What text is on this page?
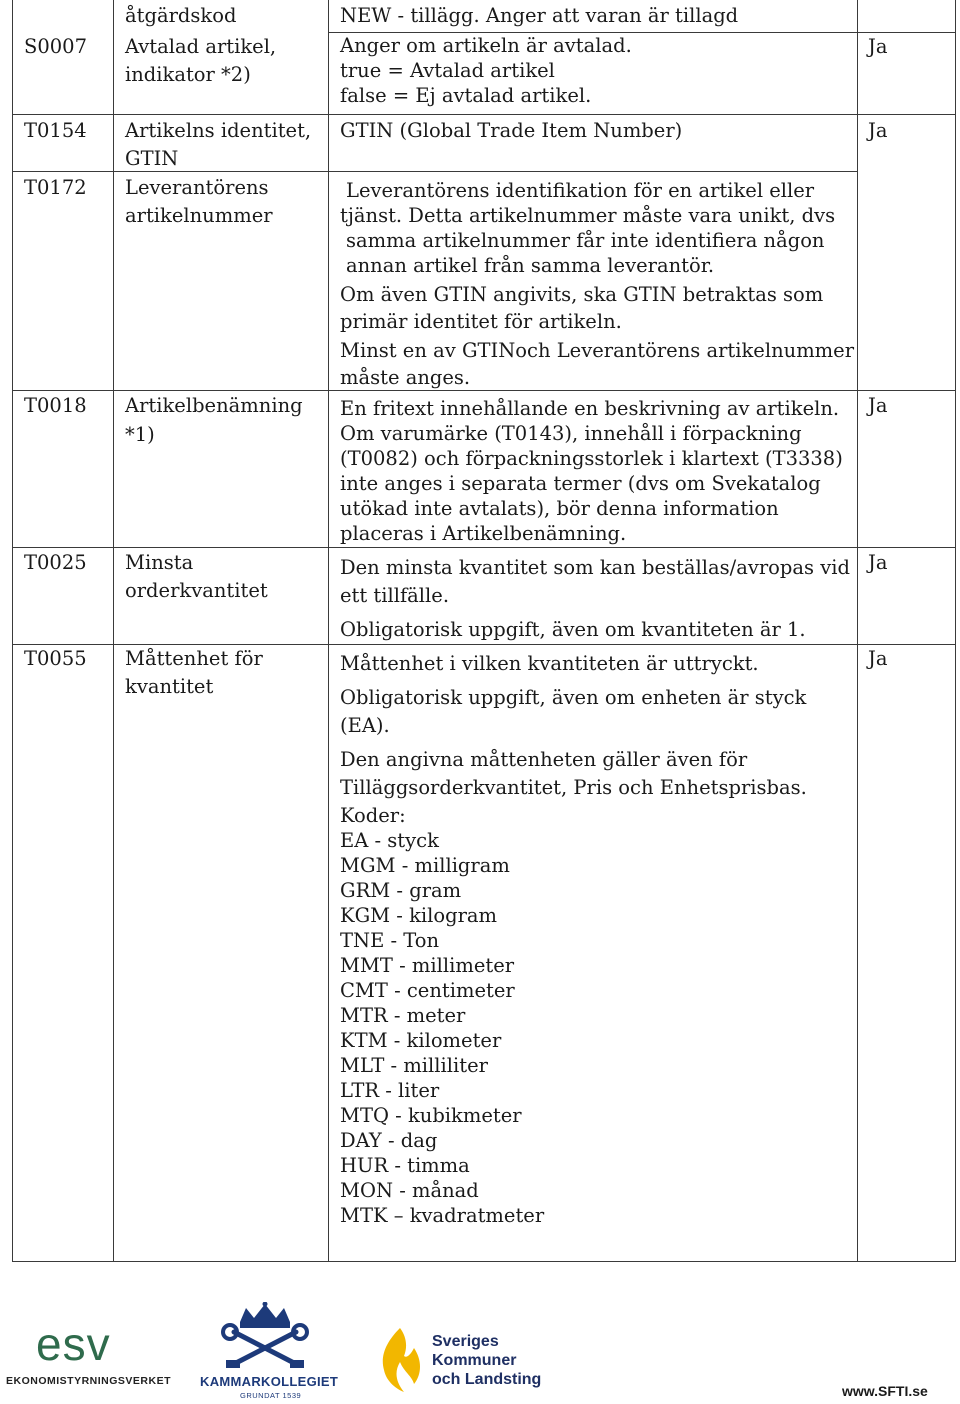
åtgärdskod	NEW - tillägg. Anger att varan är tillagd
S0007 Avtalad artikel,
indikator *2)
Anger om artikeln är avtalad.
true = Avtalad artikel
false = Ej avtalad artikel.
Ja
T0154 Artikelns identitet,
GTIN
GTIN (Global Trade Item Number)	Ja
T0172 Leverantörens
artikelnummer
Leverantörens identifikation för en artikel eller
tjänst. Detta artikelnummer måste vara unikt, dvs
samma artikelnummer får inte identifiera någon
annan artikel från samma leverantör.
Om även GTIN angivits, ska GTIN betraktas som
primär identitet för artikeln.
Minst en av GTINoch Leverantörens artikelnummer
måste anges.
T0018 Artikelbenämning
*1)
En fritext innehållande en beskrivning av artikeln.
Om varumärke (T0143), innehåll i förpackning
(T0082) och förpackningsstorlek i klartext (T3338)
inte anges i separata termer (dvs om Svekatalog
utökad inte avtalats), bör denna information
placeras i Artikelbenämning.
Ja
T0025 Minsta
orderkvantitet
Den minsta kvantitet som kan beställas/avropas vid
ett tillfälle.
Obligatorisk uppgift, även om kvantiteten är 1.
Ja
T0055 Måttenhet för
kvantitet
Måttenhet i vilken kvantiteten är uttryckt.
Obligatorisk uppgift, även om enheten är styck
(EA).
Den angivna måttenheten gäller även för
Tilläggsorderkvantitet, Pris och Enhetsprisbas.
Koder:
EA - styck
MGM - milligram
GRM - gram
KGM - kilogram
TNE - Ton
MMT - millimeter
CMT - centimeter
MTR - meter
KTM - kilometer
MLT - milliliter
LTR - liter
MTQ - kubikmeter
DAY - dag
HUR - timma
MON - månad
MTK – kvadratmeter
Ja
esv
EKONOMISTYRNINGSVERKET KAMMARKOLLEGIET
GRUNDAT 1539
Sveriges
Kommuner
och Landsting
www.SFTI.se
